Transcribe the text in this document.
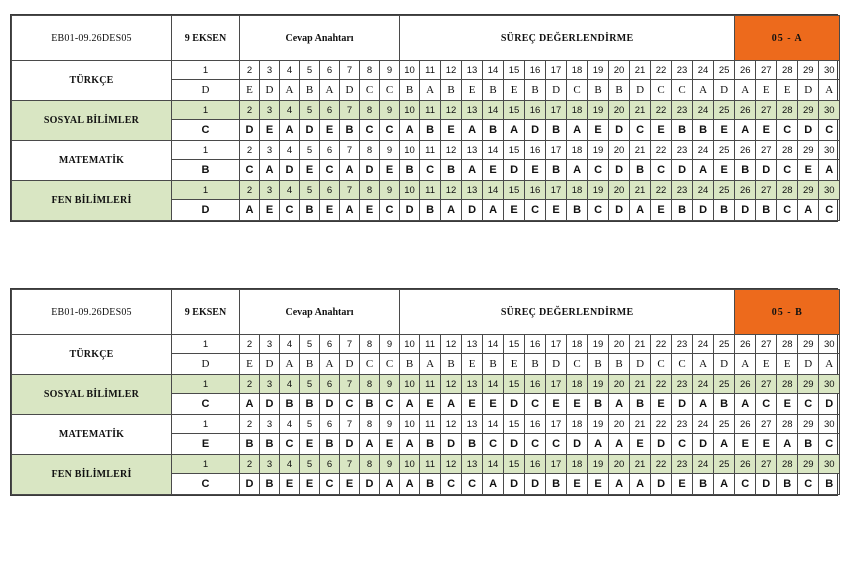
EB01-09.26DES05	9 EKSEN	Cevap Anahtarı								SÜREÇ DEĞERLENDİRME																05 - A				
TÜRKÇE	1	2	3	4	5	6	7	8	9	10	11	12	13	14	15	16	17	18	19	20	21	22	23	24	25	26	27	28	29	30
	D	E	D	A	B	A	D	C	C	B	A	B	E	B	E	B	D	C	B	B	D	C	C	A	D	A	E	E	D	A
SOSYAL BİLİMLER	1	2	3	4	5	6	7	8	9	10	11	12	13	14	15	16	17	18	19	20	21	22	23	24	25	26	27	28	29	30
	C	D	E	A	D	E	B	C	C	A	B	E	A	B	A	D	B	A	E	D	C	E	B	B	E	A	E	C	D	C
MATEMATİK	1	2	3	4	5	6	7	8	9	10	11	12	13	14	15	16	17	18	19	20	21	22	23	24	25	26	27	28	29	30
	B	C	A	D	E	C	A	D	E	B	C	B	A	E	D	E	B	A	C	D	B	C	D	A	E	B	D	C	E	A
FEN BİLİMLERİ	1	2	3	4	5	6	7	8	9	10	11	12	13	14	15	16	17	18	19	20	21	22	23	24	25	26	27	28	29	30
	D	A	E	C	B	E	A	E	C	D	B	A	D	A	E	C	E	B	C	D	A	E	B	D	B	D	B	C	A	C
EB01-09.26DES05	9 EKSEN	Cevap Anahtarı								SÜREÇ DEĞERLENDİRME																05 - B				
TÜRKÇE	1	2	3	4	5	6	7	8	9	10	11	12	13	14	15	16	17	18	19	20	21	22	23	24	25	26	27	28	29	30
	D	E	D	A	B	A	D	C	C	B	A	B	E	B	E	B	D	C	B	B	D	C	C	A	D	A	E	E	D	A
SOSYAL BİLİMLER	1	2	3	4	5	6	7	8	9	10	11	12	13	14	15	16	17	18	19	20	21	22	23	24	25	26	27	28	29	30
	C	A	D	B	B	D	C	B	C	A	E	A	E	E	D	C	E	E	B	A	B	E	D	A	B	A	C	E	C	D
MATEMATİK	1	2	3	4	5	6	7	8	9	10	11	12	13	14	15	16	17	18	19	20	21	22	23	24	25	26	27	28	29	30
	E	B	B	C	E	B	D	A	E	A	B	D	B	C	D	C	C	D	A	A	E	D	C	D	A	E	E	A	B	C
FEN BİLİMLERİ	1	2	3	4	5	6	7	8	9	10	11	12	13	14	15	16	17	18	19	20	21	22	23	24	25	26	27	28	29	30
	C	D	B	E	E	C	E	D	A	A	B	C	C	A	D	D	B	E	E	A	A	D	E	B	A	C	D	B	C	B
